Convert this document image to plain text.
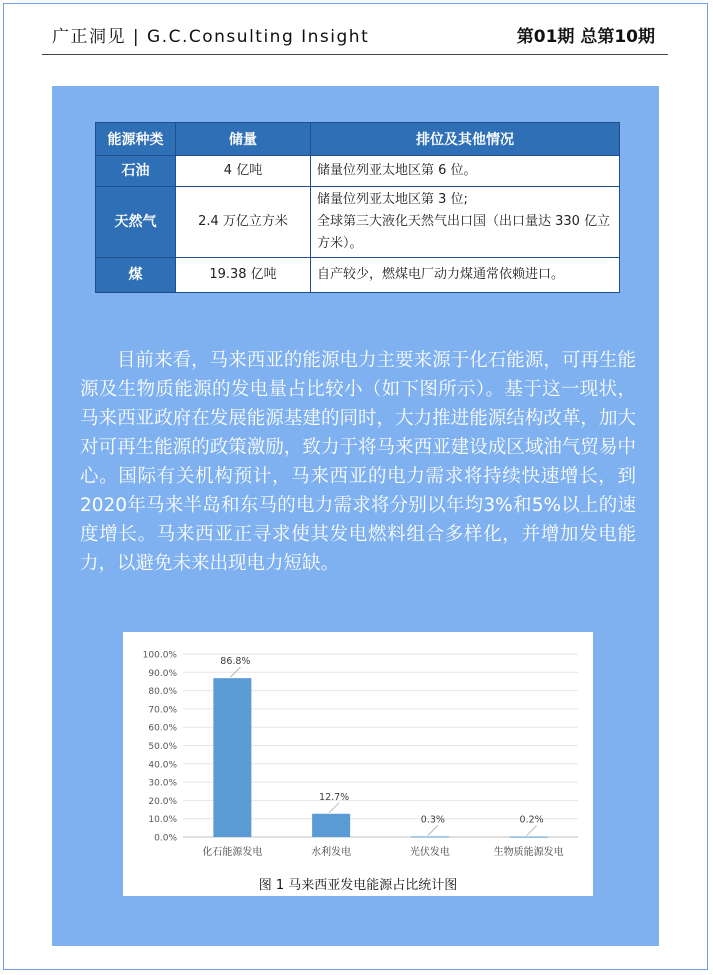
广正洞见 | G.C.Consulting Insight	第01期 总第10期
能源种类	储量	排位及其他情况
石油	4 亿吨	储量位列亚太地区第 6 位。
天然气	2.4 万亿立方米	储量位列亚太地区第 3 位;
全球第三大液化天然气出口国（出口量达 330 亿立方米）。

煤	19.38 亿吨	自产较少，燃煤电厂动力煤通常依赖进口。

目前来看，马来西亚的能源电力主要来源于化石能源，可再生能源及生物质能源的发电量占比较小（如下图所示）。基于这一现状，马来西亚政府在发展能源基建的同时，大力推进能源结构改革，加大对可再生能源的政策激励，致力于将马来西亚建设成区域油气贸易中心。国际有关机构预计，马来西亚的电力需求将持续快速增长，到2020年马来半岛和东马的电力需求将分别以年均3%和5%以上的速度增长。马来西亚正寻求使其发电燃料组合多样化，并增加发电能力，以避免未来出现电力短缺。

0.0%
10.0%
20.0%
30.0%
40.0%
50.0%
60.0%
70.0%
80.0%
90.0%
100.0%
86.8%
化石能源发电
12.7%
水利发电
0.3%
光伏发电
0.2%
生物质能源发电
图 1 马来西亚发电能源占比统计图
